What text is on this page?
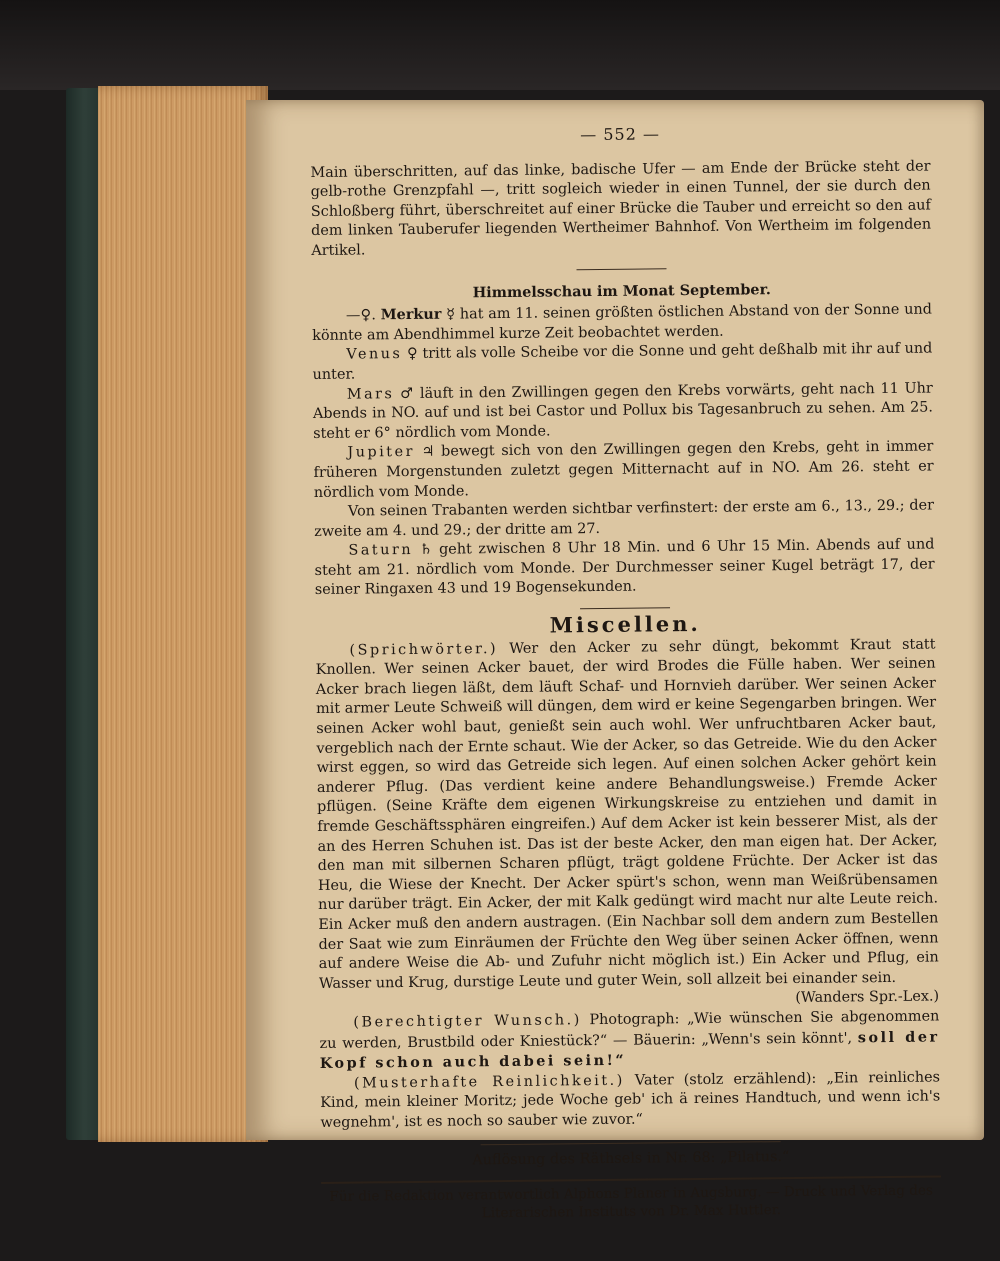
— 552 —

Main überschritten, auf das linke, badische Ufer — am Ende der Brücke steht der gelb-rothe Grenzpfahl —, tritt sogleich wieder in einen Tunnel, der sie durch den Schloßberg führt, überschreitet auf einer Brücke die Tauber und erreicht so den auf dem linken Tauberufer liegenden Wertheimer Bahnhof. Von Wertheim im folgenden Artikel.

Himmelsschau im Monat September.

—♀. Merkur ☿ hat am 11. seinen größten östlichen Abstand von der Sonne und könnte am Abendhimmel kurze Zeit beobachtet werden.

Venus ♀ tritt als volle Scheibe vor die Sonne und geht deßhalb mit ihr auf und unter.

Mars ♂ läuft in den Zwillingen gegen den Krebs vorwärts, geht nach 11 Uhr Abends in NO. auf und ist bei Castor und Pollux bis Tagesanbruch zu sehen. Am 25. steht er 6° nördlich vom Monde.

Jupiter ♃ bewegt sich von den Zwillingen gegen den Krebs, geht in immer früheren Morgenstunden zuletzt gegen Mitternacht auf in NO. Am 26. steht er nördlich vom Monde.

Von seinen Trabanten werden sichtbar verfinstert: der erste am 6., 13., 29.; der zweite am 4. und 29.; der dritte am 27.

Saturn ♄ geht zwischen 8 Uhr 18 Min. und 6 Uhr 15 Min. Abends auf und steht am 21. nördlich vom Monde. Der Durchmesser seiner Kugel beträgt 17, der seiner Ringaxen 43 und 19 Bogensekunden.

Miscellen.

(Sprichwörter.) Wer den Acker zu sehr düngt, bekommt Kraut statt Knollen. Wer seinen Acker bauet, der wird Brodes die Fülle haben. Wer seinen Acker brach liegen läßt, dem läuft Schaf- und Hornvieh darüber. Wer seinen Acker mit armer Leute Schweiß will düngen, dem wird er keine Segengarben bringen. Wer seinen Acker wohl baut, genießt sein auch wohl. Wer unfruchtbaren Acker baut, vergeblich nach der Ernte schaut. Wie der Acker, so das Getreide. Wie du den Acker wirst eggen, so wird das Getreide sich legen. Auf einen solchen Acker gehört kein anderer Pflug. (Das verdient keine andere Behandlungsweise.) Fremde Acker pflügen. (Seine Kräfte dem eigenen Wirkungskreise zu entziehen und damit in fremde Geschäftssphären eingreifen.) Auf dem Acker ist kein besserer Mist, als der an des Herren Schuhen ist. Das ist der beste Acker, den man eigen hat. Der Acker, den man mit silbernen Scharen pflügt, trägt goldene Früchte. Der Acker ist das Heu, die Wiese der Knecht. Der Acker spürt's schon, wenn man Weißrübensamen nur darüber trägt. Ein Acker, der mit Kalk gedüngt wird macht nur alte Leute reich. Ein Acker muß den andern austragen. (Ein Nachbar soll dem andern zum Bestellen der Saat wie zum Einräumen der Früchte den Weg über seinen Acker öffnen, wenn auf andere Weise die Ab- und Zufuhr nicht möglich ist.) Ein Acker und Pflug, ein Wasser und Krug, durstige Leute und guter Wein, soll allzeit bei einander sein.

(Wanders Spr.-Lex.)

(Berechtigter Wunsch.) Photograph: „Wie wünschen Sie abgenommen zu werden, Brustbild oder Kniestück?“ — Bäuerin: „Wenn's sein könnt', soll der Kopf schon auch dabei sein!“

(Musterhafte Reinlichkeit.) Vater (stolz erzählend): „Ein reinliches Kind, mein kleiner Moritz; jede Woche geb' ich ä reines Handtuch, und wenn ich's wegnehm', ist es noch so sauber wie zuvor.“

Auflösung des Räthsels in Nr. 68: „Pilatus.“

Für die Redaktion verantwortlich Alphons Planer in Augsburg. — Druck und Verlag des
Literarischen Instituts von Dr. Max Huttler.
